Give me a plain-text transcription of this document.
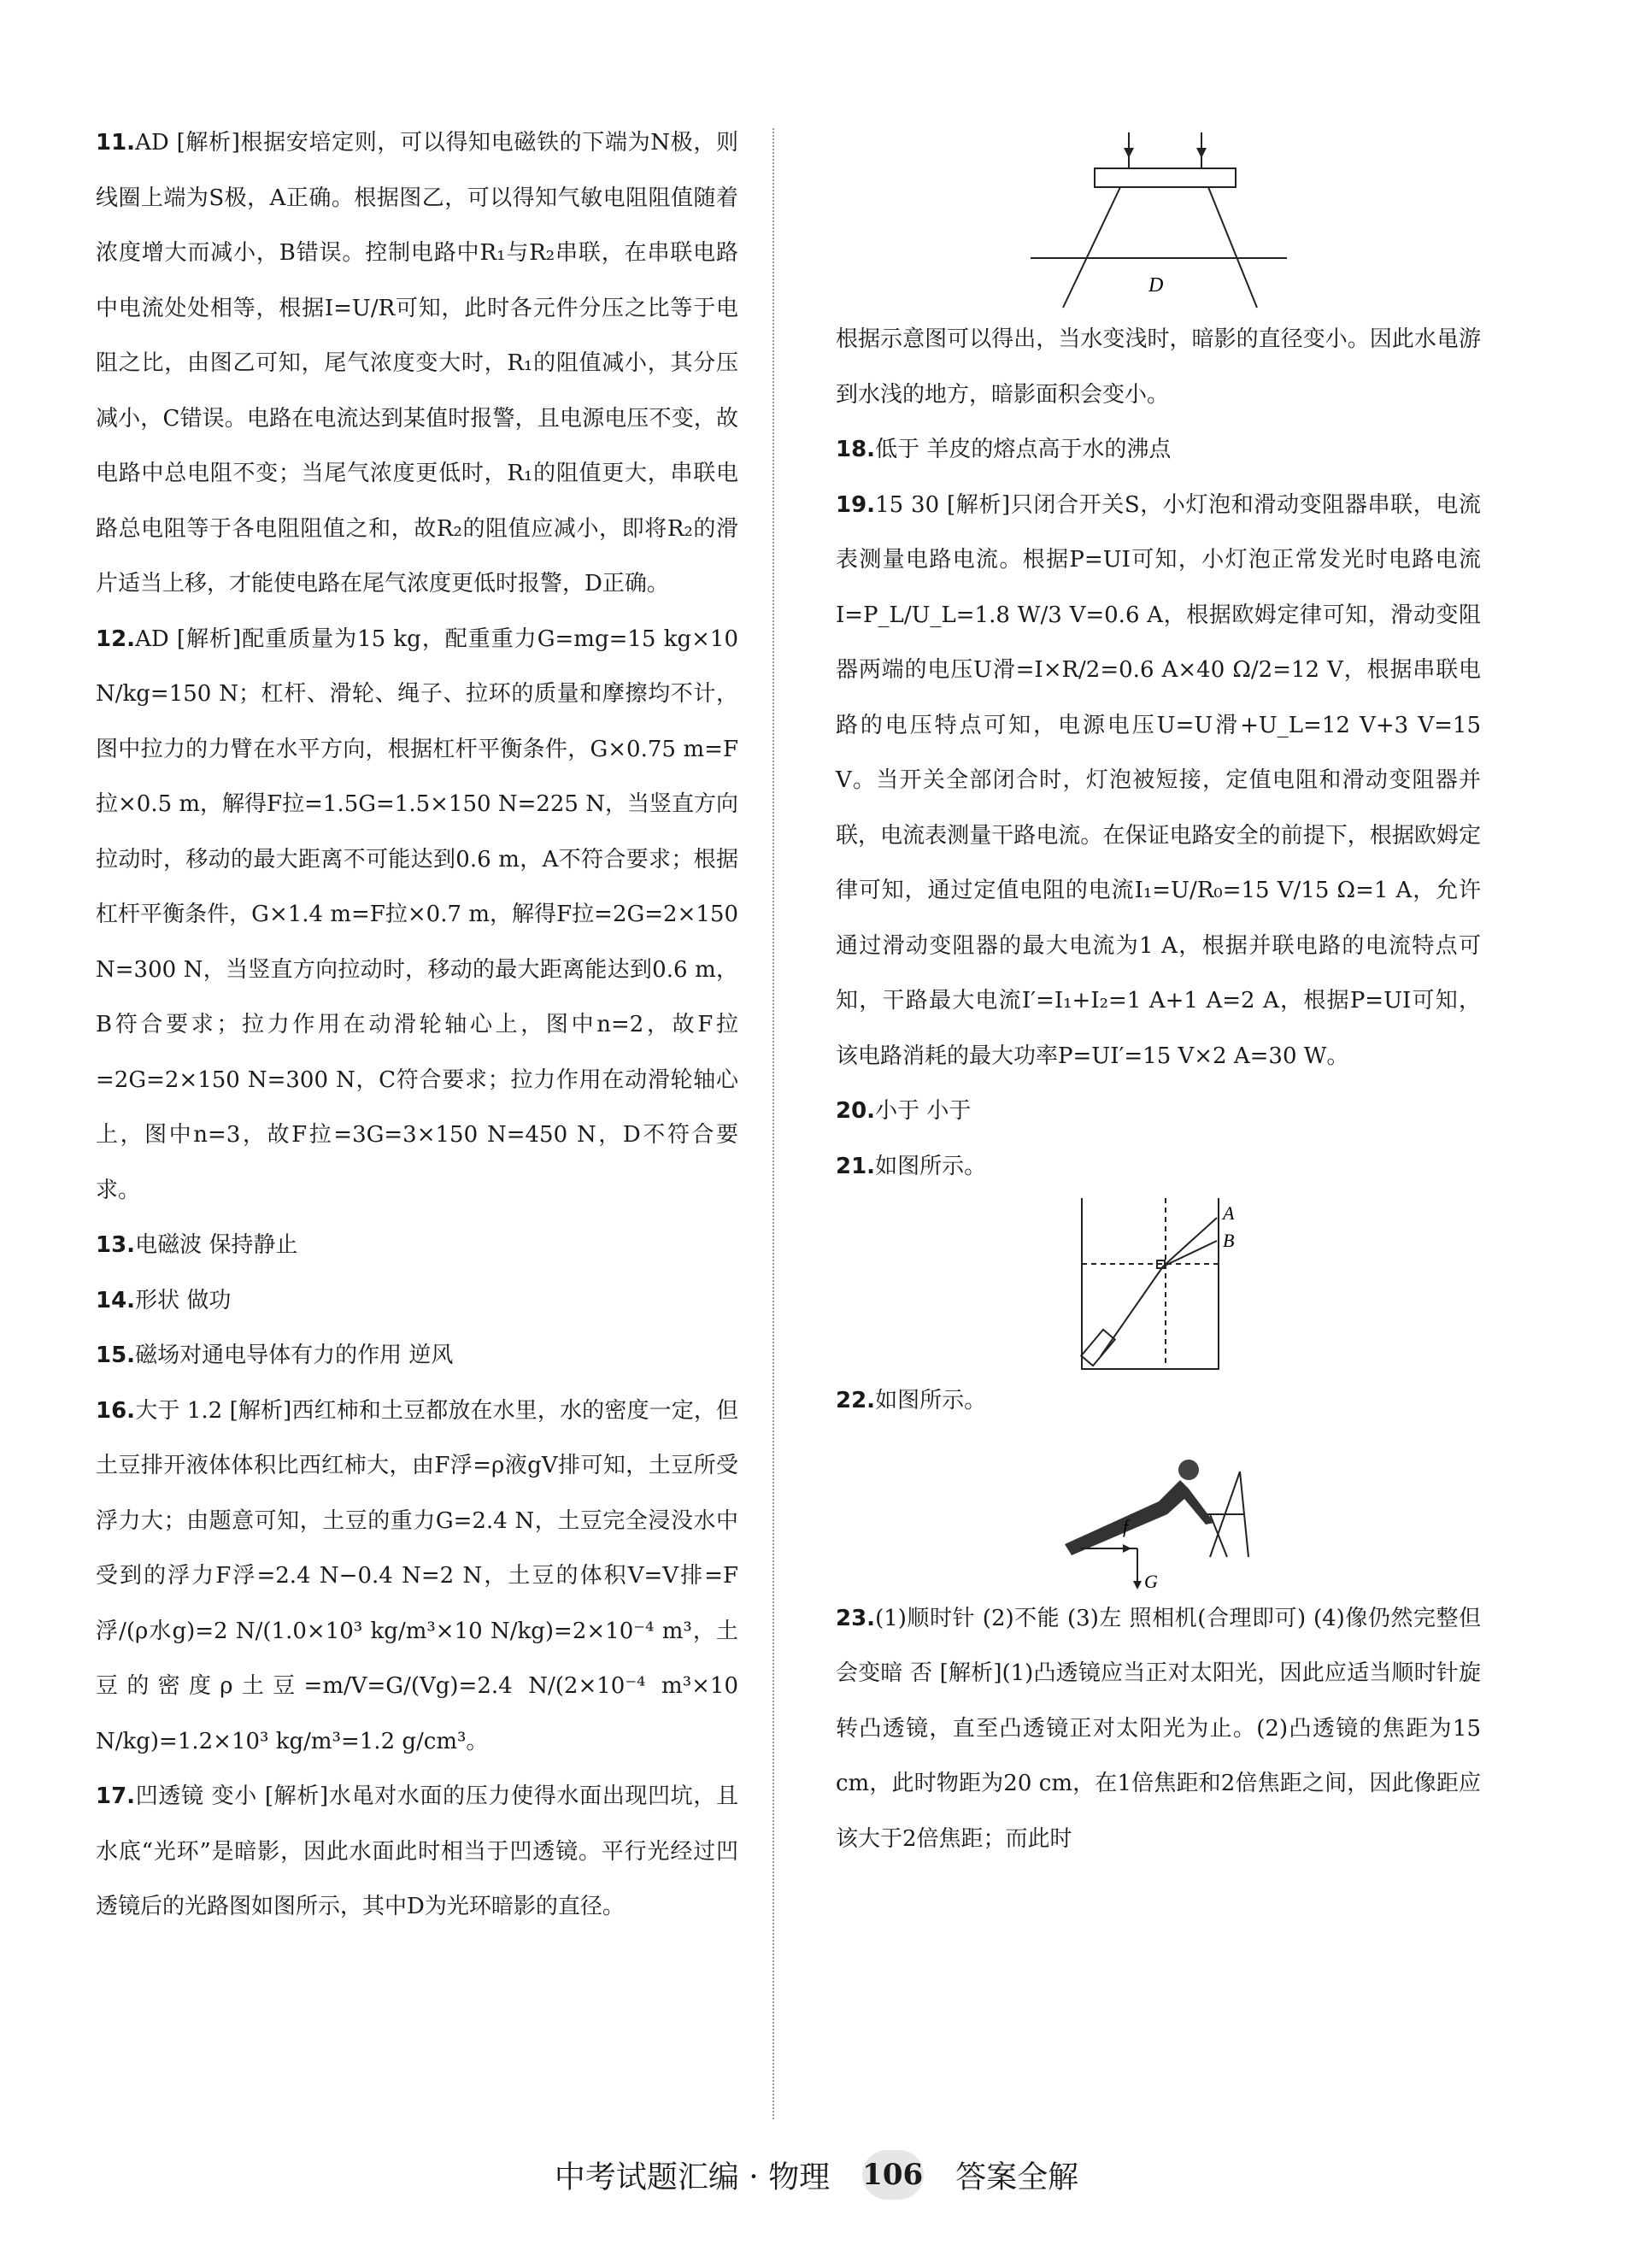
11.AD [解析]根据安培定则，可以得知电磁铁的下端为N极，则线圈上端为S极，A正确。根据图乙，可以得知气敏电阻阻值随着浓度增大而减小，B错误。控制电路中R₁与R₂串联，在串联电路中电流处处相等，根据I=U/R可知，此时各元件分压之比等于电阻之比，由图乙可知，尾气浓度变大时，R₁的阻值减小，其分压减小，C错误。电路在电流达到某值时报警，且电源电压不变，故电路中总电阻不变；当尾气浓度更低时，R₁的阻值更大，串联电路总电阻等于各电阻阻值之和，故R₂的阻值应减小，即将R₂的滑片适当上移，才能使电路在尾气浓度更低时报警，D正确。

12.AD [解析]配重质量为15 kg，配重重力G=mg=15 kg×10 N/kg=150 N；杠杆、滑轮、绳子、拉环的质量和摩擦均不计，图中拉力的力臂在水平方向，根据杠杆平衡条件，G×0.75 m=F拉×0.5 m，解得F拉=1.5G=1.5×150 N=225 N，当竖直方向拉动时，移动的最大距离不可能达到0.6 m，A不符合要求；根据杠杆平衡条件，G×1.4 m=F拉×0.7 m，解得F拉=2G=2×150 N=300 N，当竖直方向拉动时，移动的最大距离能达到0.6 m，B符合要求；拉力作用在动滑轮轴心上，图中n=2，故F拉=2G=2×150 N=300 N，C符合要求；拉力作用在动滑轮轴心上，图中n=3，故F拉=3G=3×150 N=450 N，D不符合要求。

13.电磁波 保持静止

14.形状 做功

15.磁场对通电导体有力的作用 逆风

16.大于 1.2 [解析]西红柿和土豆都放在水里，水的密度一定，但土豆排开液体体积比西红柿大，由F浮=ρ液gV排可知，土豆所受浮力大；由题意可知，土豆的重力G=2.4 N，土豆完全浸没水中受到的浮力F浮=2.4 N−0.4 N=2 N，土豆的体积V=V排=F浮/(ρ水g)=2 N/(1.0×10³ kg/m³×10 N/kg)=2×10⁻⁴ m³，土豆的密度ρ土豆=m/V=G/(Vg)=2.4 N/(2×10⁻⁴ m³×10 N/kg)=1.2×10³ kg/m³=1.2 g/cm³。

17.凹透镜 变小 [解析]水黾对水面的压力使得水面出现凹坑，且水底“光环”是暗影，因此水面此时相当于凹透镜。平行光经过凹透镜后的光路图如图所示，其中D为光环暗影的直径。

D

根据示意图可以得出，当水变浅时，暗影的直径变小。因此水黾游到水浅的地方，暗影面积会变小。

18.低于 羊皮的熔点高于水的沸点

19.15 30 [解析]只闭合开关S，小灯泡和滑动变阻器串联，电流表测量电路电流。根据P=UI可知，小灯泡正常发光时电路电流I=P_L/U_L=1.8 W/3 V=0.6 A，根据欧姆定律可知，滑动变阻器两端的电压U滑=I×R/2=0.6 A×40 Ω/2=12 V，根据串联电路的电压特点可知，电源电压U=U滑+U_L=12 V+3 V=15 V。当开关全部闭合时，灯泡被短接，定值电阻和滑动变阻器并联，电流表测量干路电流。在保证电路安全的前提下，根据欧姆定律可知，通过定值电阻的电流I₁=U/R₀=15 V/15 Ω=1 A，允许通过滑动变阻器的最大电流为1 A，根据并联电路的电流特点可知，干路最大电流I′=I₁+I₂=1 A+1 A=2 A，根据P=UI可知，该电路消耗的最大功率P=UI′=15 V×2 A=30 W。

20.小于 小于

21.如图所示。

A
B

22.如图所示。

f
G

23.(1)顺时针 (2)不能 (3)左 照相机(合理即可) (4)像仍然完整但会变暗 否 [解析](1)凸透镜应当正对太阳光，因此应适当顺时针旋转凸透镜，直至凸透镜正对太阳光为止。(2)凸透镜的焦距为15 cm，此时物距为20 cm，在1倍焦距和2倍焦距之间，因此像距应该大于2倍焦距；而此时

中考试题汇编 · 物理 106 答案全解
